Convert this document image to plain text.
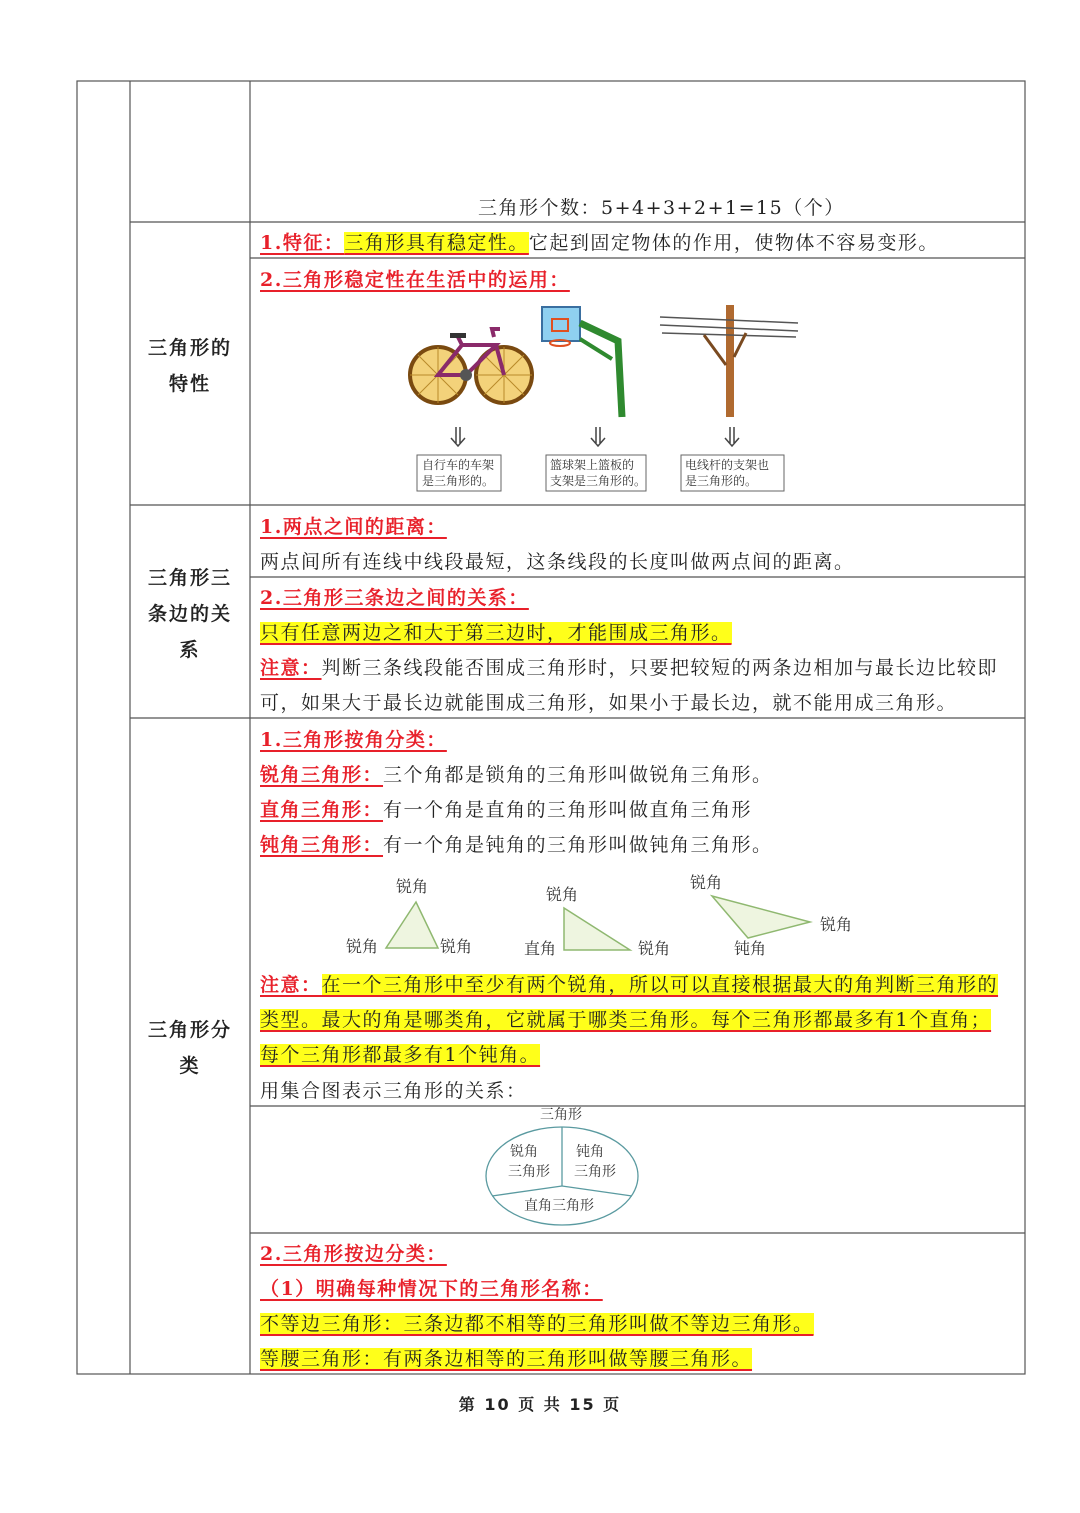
三角形个数：5+4+3+2+1=15（个）
三角形的
特性
1.特征：三角形具有稳定性。它起到固定物体的作用，使物体不容易变形。
2.三角形稳定性在生活中的运用：
自行车的车架
是三角形的。
篮球架上篮板的
支架是三角形的。
电线杆的支架也
是三角形的。
三角形三
条边的关
系
1.两点之间的距离：
两点间所有连线中线段最短，这条线段的长度叫做两点间的距离。
2.三角形三条边之间的关系：
只有任意两边之和大于第三边时，才能围成三角形。
注意：判断三条线段能否围成三角形时，只要把较短的两条边相加与最长边比较即
可，如果大于最长边就能围成三角形，如果小于最长边，就不能用成三角形。
三角形分
类
1.三角形按角分类：
锐角三角形：三个角都是锁角的三角形叫做锐角三角形。
直角三角形：有一个角是直角的三角形叫做直角三角形
钝角三角形：有一个角是钝角的三角形叫做钝角三角形。
锐角
锐角	锐角
锐角
直角	锐角
锐角
锐角
钝角
注意：在一个三角形中至少有两个锐角，所以可以直接根据最大的角判断三角形的
类型。最大的角是哪类角，它就属于哪类三角形。每个三角形都最多有1个直角；
每个三角形都最多有1个钝角。
用集合图表示三角形的关系：
三角形
锐角
三角形
钝角
三角形
直角三角形
2.三角形按边分类：
（1）明确每种情况下的三角形名称：
不等边三角形：三条边都不相等的三角形叫做不等边三角形。
等腰三角形：有两条边相等的三角形叫做等腰三角形。
第 10 页 共 15 页
